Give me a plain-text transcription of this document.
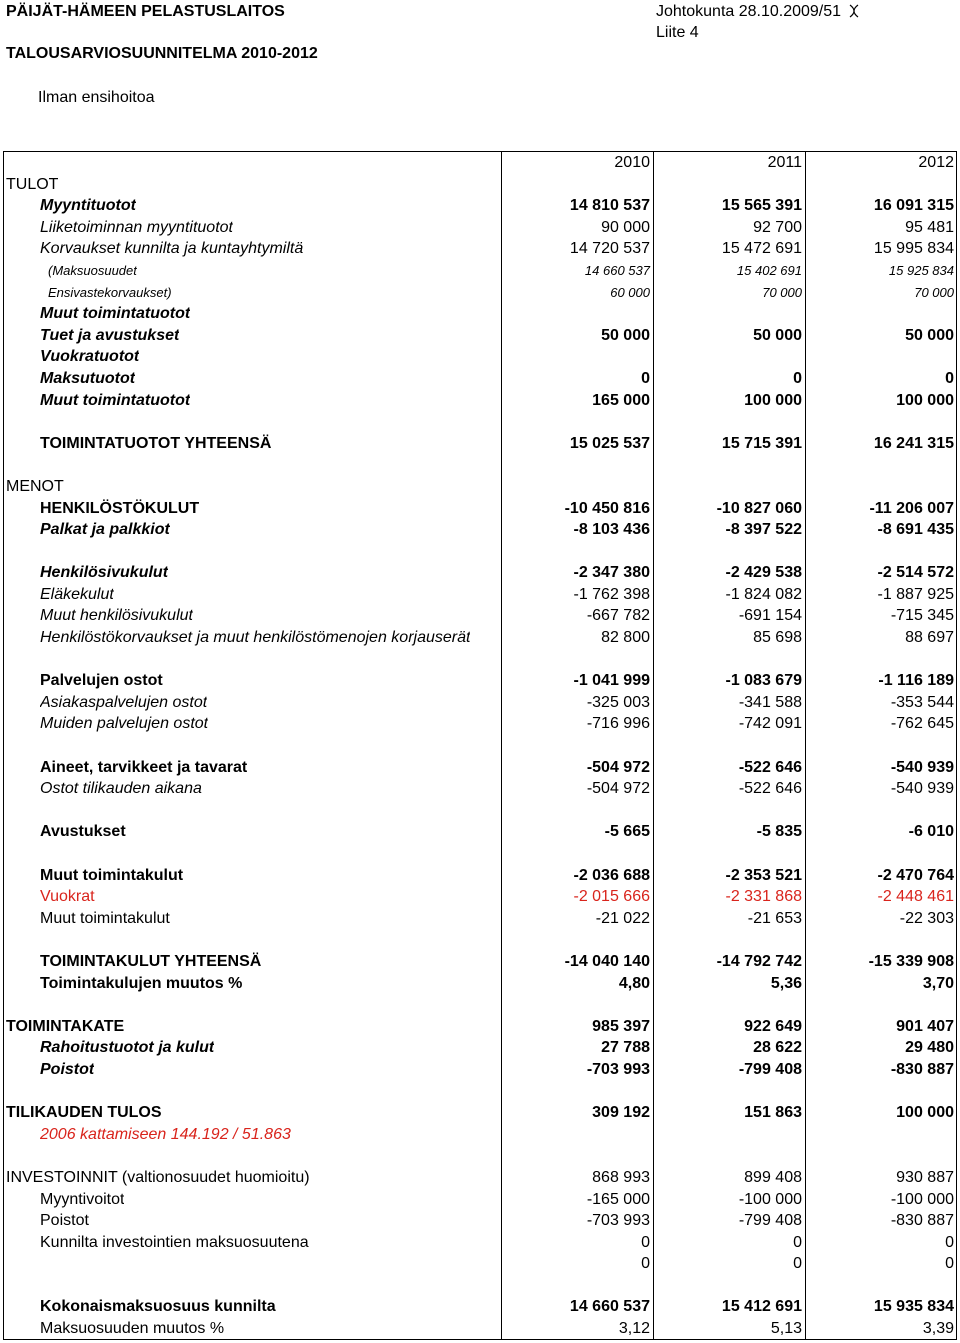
PÄIJÄT-HÄMEEN PELASTUSLAITOS	Johtokunta 28.10.2009/51
Liite 4
TALOUSARVIOSUUNNITELMA 2010-2012
Ilman ensihoitoa
2010	2011	2012
TULOT
Myyntituotot	14 810 537	15 565 391	16 091 315
Liiketoiminnan myyntituotot	90 000	92 700	95 481
Korvaukset kunnilta ja kuntayhtymiltä	14 720 537	15 472 691	15 995 834
(Maksuosuudet	14 660 537	15 402 691	15 925 834
Ensivastekorvaukset)	60 000	70 000	70 000
Muut toimintatuotot
Tuet ja avustukset	50 000	50 000	50 000
Vuokratuotot
Maksutuotot	0	0	0
Muut toimintatuotot	165 000	100 000	100 000
TOIMINTATUOTOT YHTEENSÄ	15 025 537	15 715 391	16 241 315
MENOT
HENKILÖSTÖKULUT	-10 450 816	-10 827 060	-11 206 007
Palkat ja palkkiot	-8 103 436	-8 397 522	-8 691 435
Henkilösivukulut	-2 347 380	-2 429 538	-2 514 572
Eläkekulut	-1 762 398	-1 824 082	-1 887 925
Muut henkilösivukulut	-667 782	-691 154	-715 345
Henkilöstökorvaukset ja muut henkilöstömenojen korjauserät	82 800	85 698	88 697
Palvelujen ostot	-1 041 999	-1 083 679	-1 116 189
Asiakaspalvelujen ostot	-325 003	-341 588	-353 544
Muiden palvelujen ostot	-716 996	-742 091	-762 645
Aineet, tarvikkeet ja tavarat	-504 972	-522 646	-540 939
Ostot tilikauden aikana	-504 972	-522 646	-540 939
Avustukset	-5 665	-5 835	-6 010
Muut toimintakulut	-2 036 688	-2 353 521	-2 470 764
Vuokrat	-2 015 666	-2 331 868	-2 448 461
Muut toimintakulut	-21 022	-21 653	-22 303
TOIMINTAKULUT YHTEENSÄ	-14 040 140	-14 792 742	-15 339 908
Toimintakulujen muutos %	4,80	5,36	3,70
TOIMINTAKATE	985 397	922 649	901 407
Rahoitustuotot ja kulut	27 788	28 622	29 480
Poistot	-703 993	-799 408	-830 887
TILIKAUDEN TULOS	309 192	151 863	100 000
2006 kattamiseen 144.192 / 51.863
INVESTOINNIT (valtionosuudet huomioitu)	868 993	899 408	930 887
Myyntivoitot	-165 000	-100 000	-100 000
Poistot	-703 993	-799 408	-830 887
Kunnilta investointien maksuosuutena	0	0	0
0	0	0
Kokonaismaksuosuus kunnilta	14 660 537	15 412 691	15 935 834
Maksuosuuden muutos %	3,12	5,13	3,39
